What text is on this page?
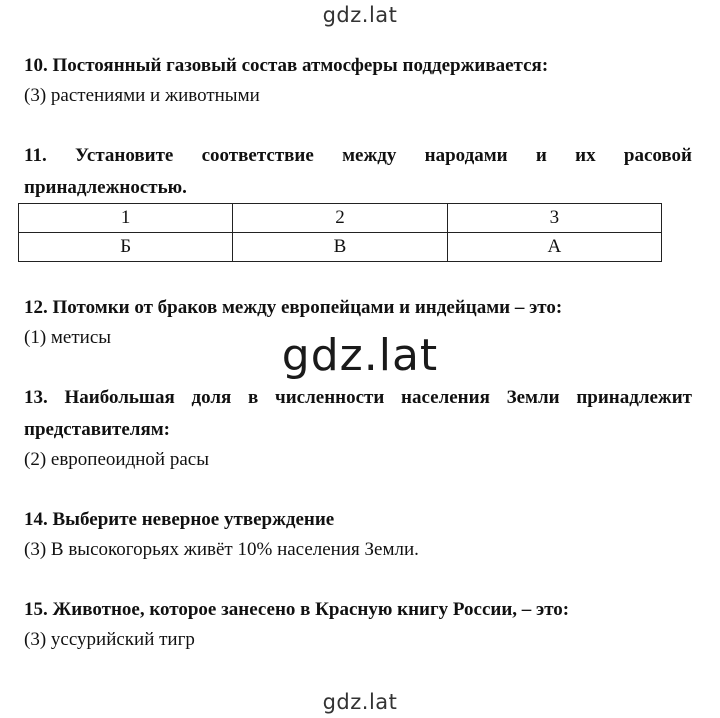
gdz.lat

10. Постоянный газовый состав атмосферы поддерживается:

(3) растениями и животными

11. Установите соответствие между народами и их расовой принадлежностью.

1	2	3
Б	В	А

12. Потомки от браков между европейцами и индейцами – это:

(1) метисы	gdz.lat

13. Наибольшая доля в численности населения Земли принадлежит представителям:

(2) европеоидной расы

14. Выберите неверное утверждение

(3) В высокогорьях живёт 10% населения Земли.

15. Животное, которое занесено в Красную книгу России, – это:

(3) уссурийский тигр

gdz.lat
